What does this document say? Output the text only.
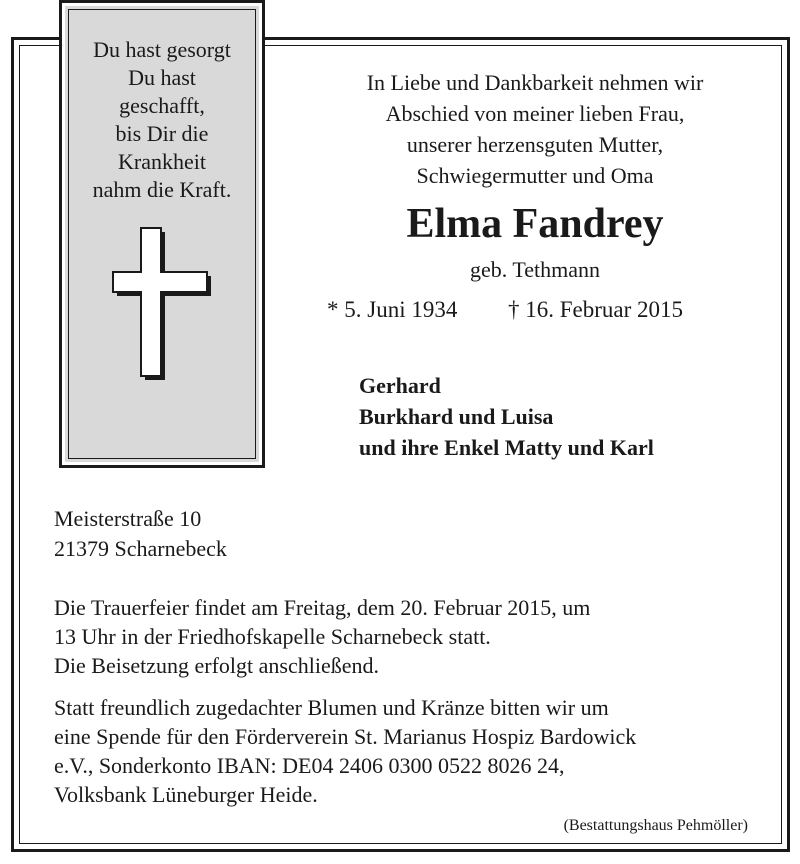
Du hast gesorgt
Du hast
geschafft,
bis Dir die
Krankheit
nahm die Kraft.
In Liebe und Dankbarkeit nehmen wir
Abschied von meiner lieben Frau,
unserer herzensguten Mutter,
Schwiegermutter und Oma
Elma Fandrey
geb. Tethmann
* 5. Juni 1934 † 16. Februar 2015
Gerhard
Burkhard und Luisa
und ihre Enkel Matty und Karl
Meisterstraße 10
21379 Scharnebeck
Die Trauerfeier findet am Freitag, dem 20. Februar 2015, um
13 Uhr in der Friedhofskapelle Scharnebeck statt.
Die Beisetzung erfolgt anschließend.
Statt freundlich zugedachter Blumen und Kränze bitten wir um
eine Spende für den Förderverein St. Marianus Hospiz Bardowick
e.V., Sonderkonto IBAN: DE04 2406 0300 0522 8026 24,
Volksbank Lüneburger Heide.
(Bestattungshaus Pehmöller)
